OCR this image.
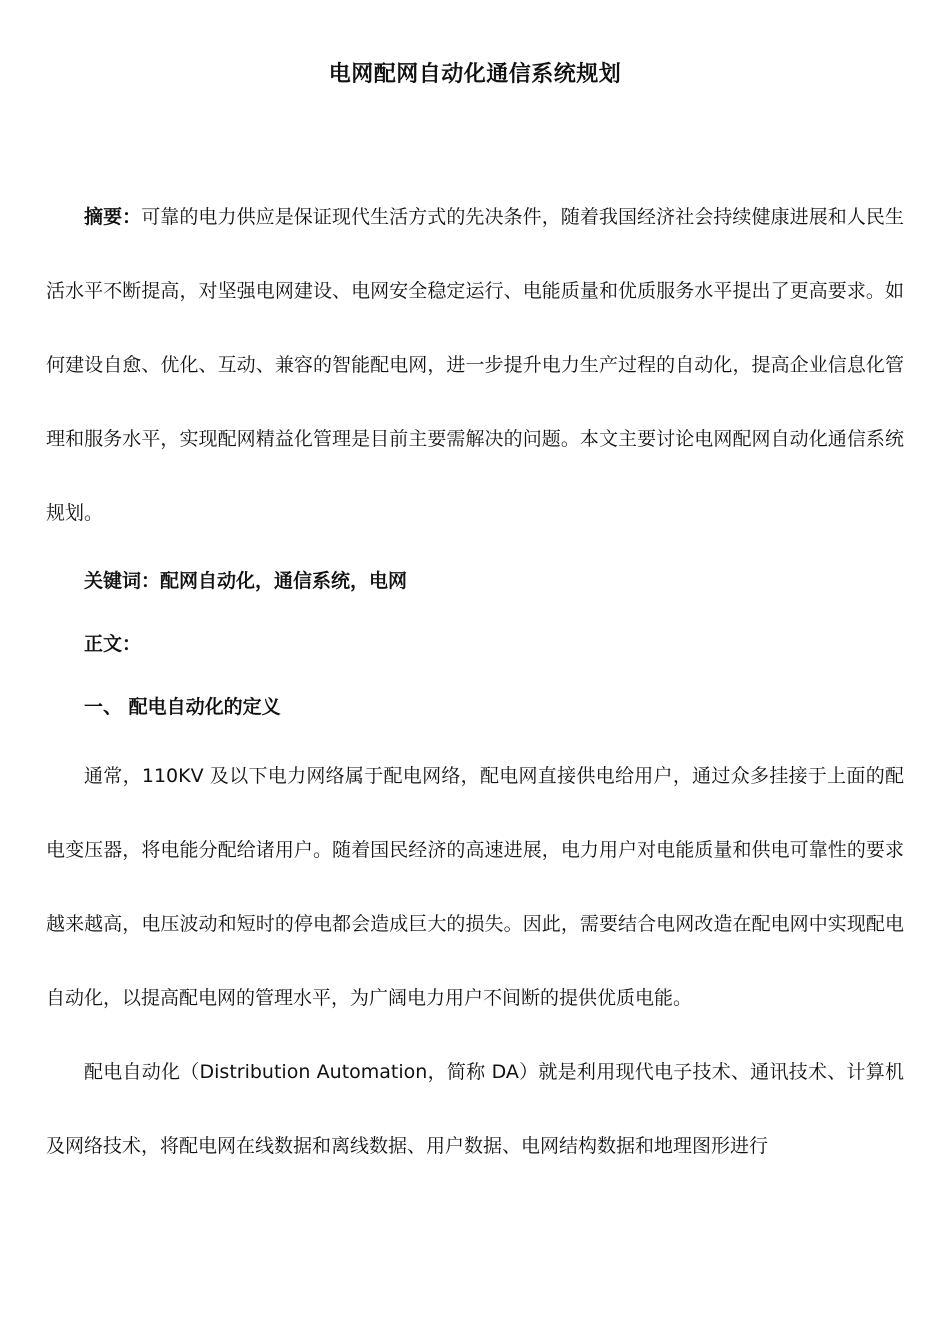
电网配网自动化通信系统规划

摘要：可靠的电力供应是保证现代生活方式的先决条件，随着我国经济社会持续健康进展和人民生活水平不断提高，对坚强电网建设、电网安全稳定运行、电能质量和优质服务水平提出了更高要求。如何建设自愈、优化、互动、兼容的智能配电网，进一步提升电力生产过程的自动化，提高企业信息化管理和服务水平，实现配网精益化管理是目前主要需解决的问题。本文主要讨论电网配网自动化通信系统规划。

关键词：配网自动化，通信系统，电网

正文：

一、 配电自动化的定义

通常，110KV 及以下电力网络属于配电网络，配电网直接供电给用户，通过众多挂接于上面的配电变压器，将电能分配给诸用户。随着国民经济的高速进展，电力用户对电能质量和供电可靠性的要求越来越高，电压波动和短时的停电都会造成巨大的损失。因此，需要结合电网改造在配电网中实现配电自动化，以提高配电网的管理水平，为广阔电力用户不间断的提供优质电能。

配电自动化（Distribution Automation，简称 DA）就是利用现代电子技术、通讯技术、计算机及网络技术，将配电网在线数据和离线数据、用户数据、电网结构数据和地理图形进行
